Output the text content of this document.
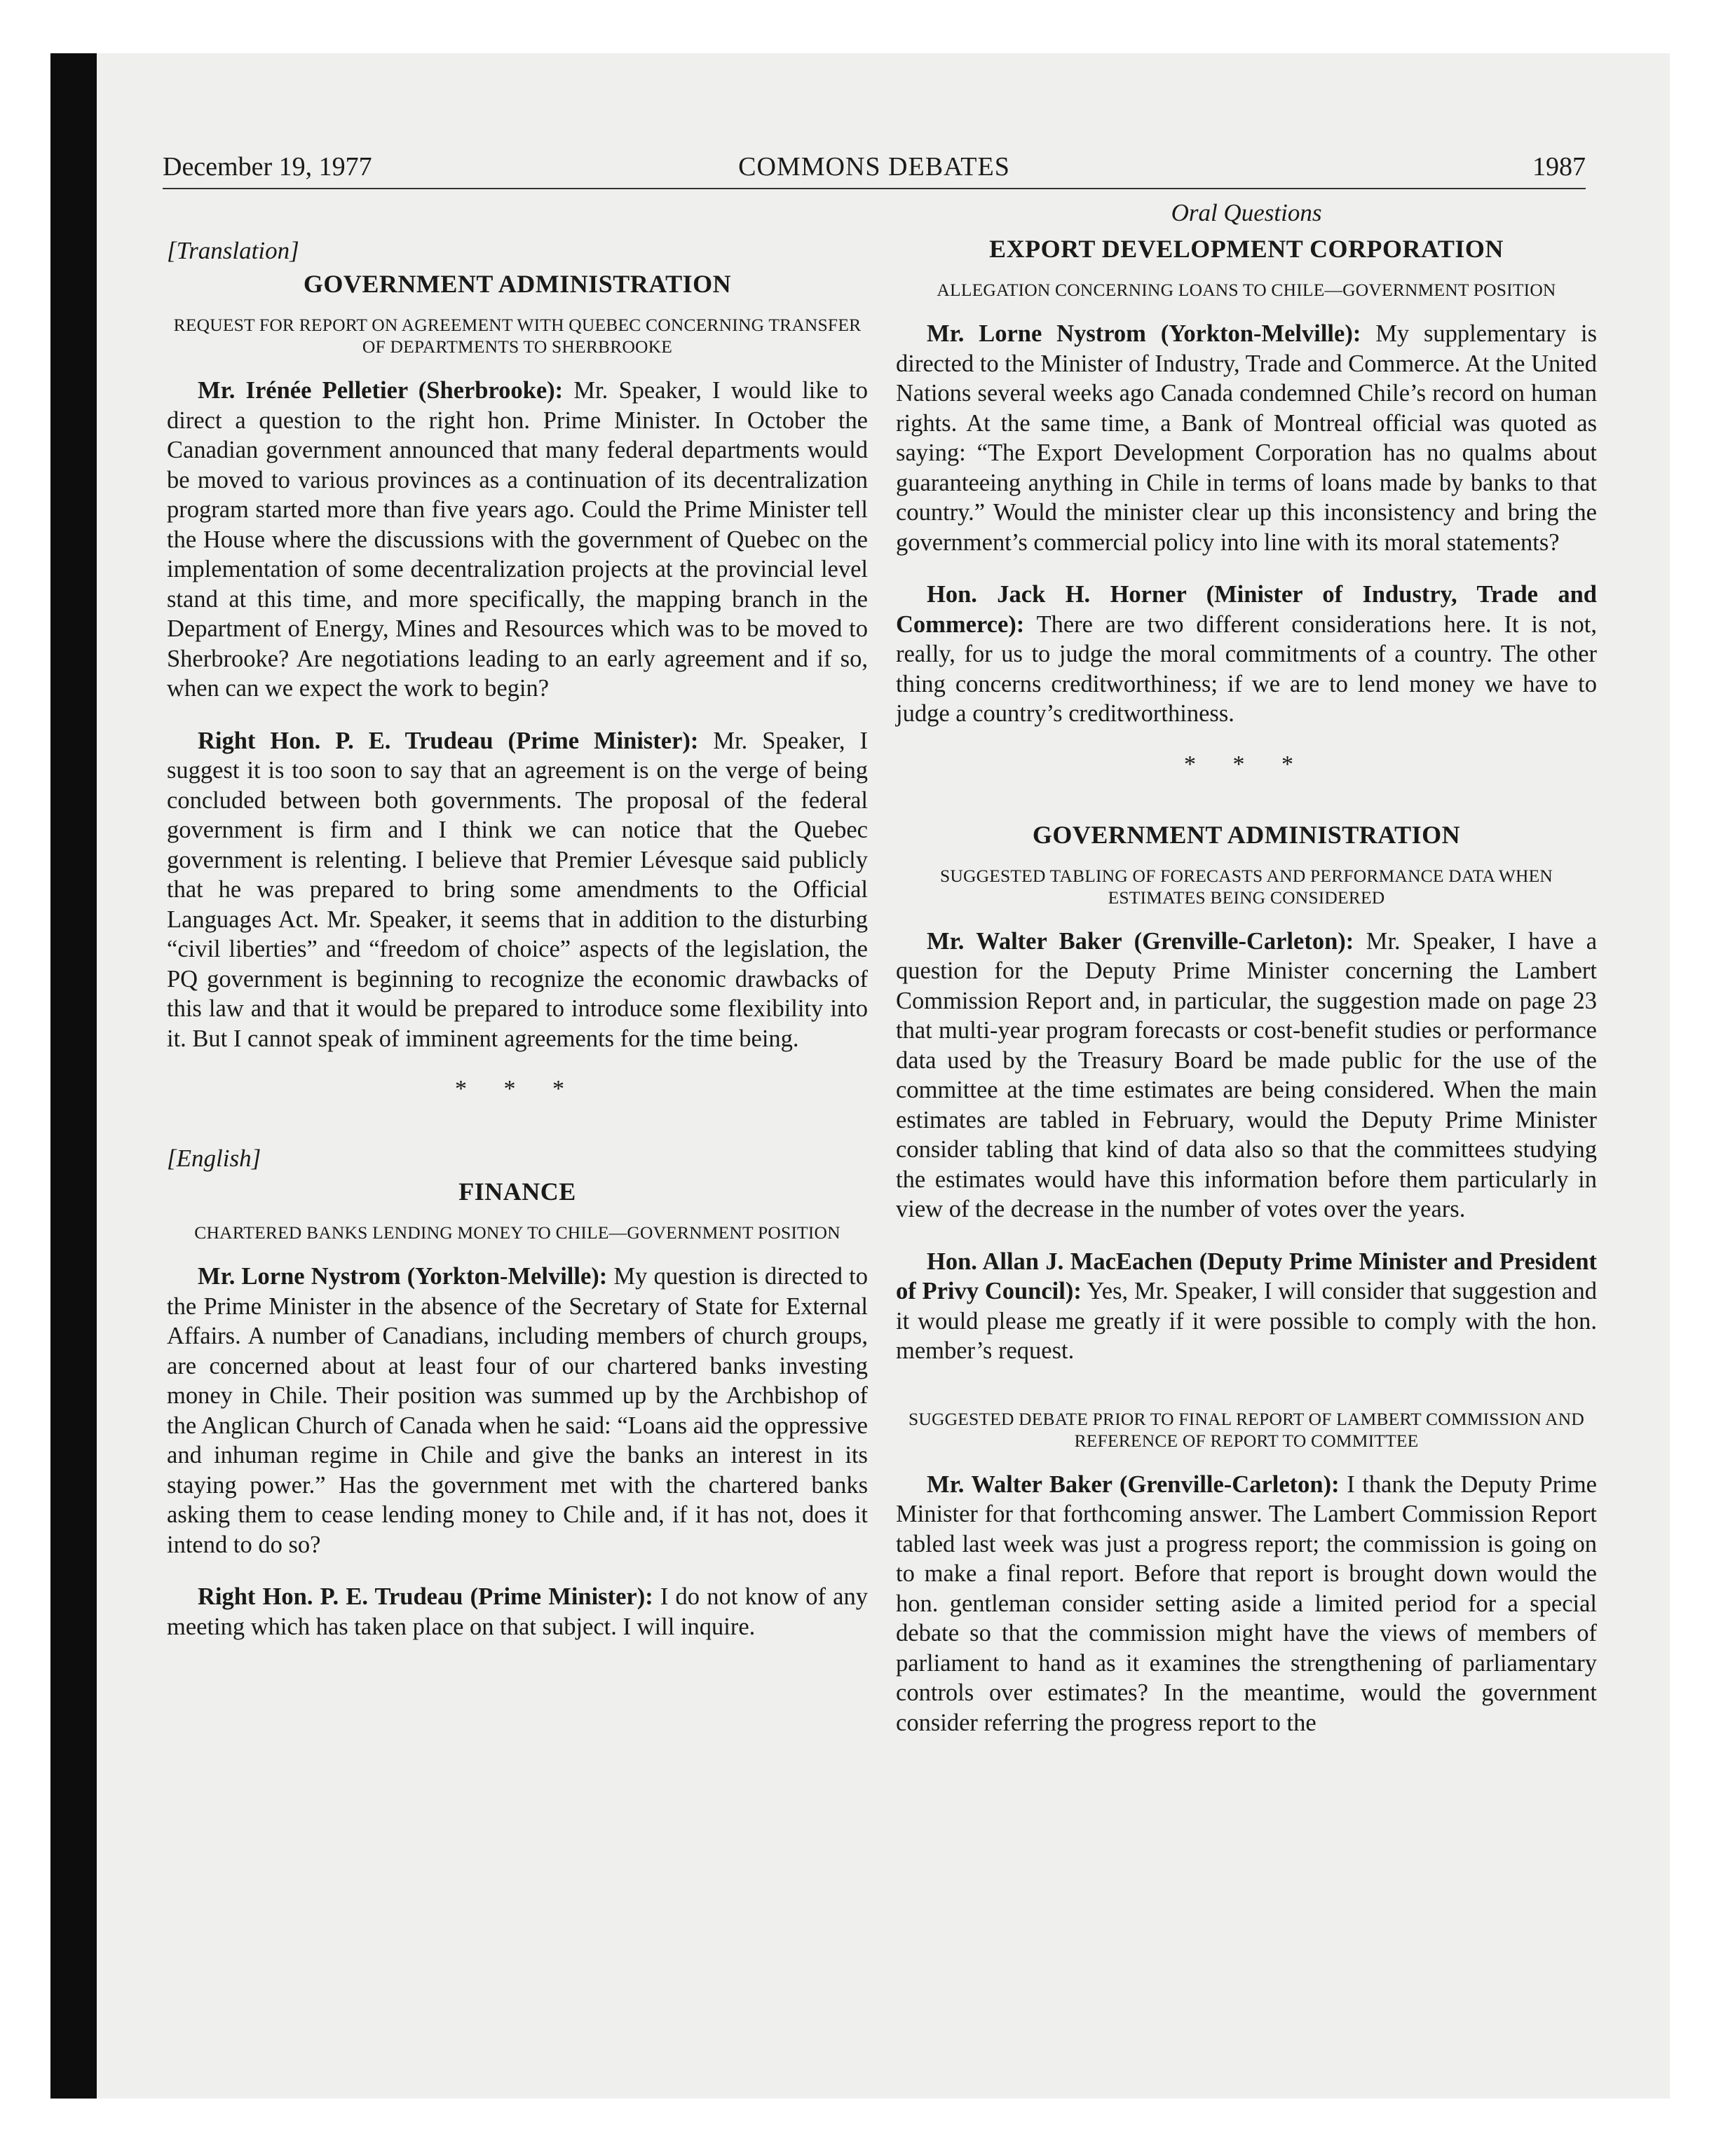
December 19, 1977	COMMONS DEBATES	1987
[Translation]
GOVERNMENT ADMINISTRATION
REQUEST FOR REPORT ON AGREEMENT WITH QUEBEC CONCERNING TRANSFER OF DEPARTMENTS TO SHERBROOKE

Mr. Irénée Pelletier (Sherbrooke): Mr. Speaker, I would like to direct a question to the right hon. Prime Minister. In October the Canadian government announced that many federal departments would be moved to various provinces as a continuation of its decentralization program started more than five years ago. Could the Prime Minister tell the House where the discussions with the government of Quebec on the implementation of some decentralization projects at the provincial level stand at this time, and more specifically, the mapping branch in the Department of Energy, Mines and Resources which was to be moved to Sherbrooke? Are negotiations leading to an early agreement and if so, when can we expect the work to begin?

Right Hon. P. E. Trudeau (Prime Minister): Mr. Speaker, I suggest it is too soon to say that an agreement is on the verge of being concluded between both governments. The proposal of the federal government is firm and I think we can notice that the Quebec government is relenting. I believe that Premier Lévesque said publicly that he was prepared to bring some amendments to the Official Languages Act. Mr. Speaker, it seems that in addition to the disturbing “civil liberties” and “freedom of choice” aspects of the legislation, the PQ government is beginning to recognize the economic drawbacks of this law and that it would be prepared to introduce some flexibility into it. But I cannot speak of imminent agreements for the time being.

* * *
[English]
FINANCE
CHARTERED BANKS LENDING MONEY TO CHILE—GOVERNMENT POSITION

Mr. Lorne Nystrom (Yorkton-Melville): My question is directed to the Prime Minister in the absence of the Secretary of State for External Affairs. A number of Canadians, including members of church groups, are concerned about at least four of our chartered banks investing money in Chile. Their position was summed up by the Archbishop of the Anglican Church of Canada when he said: “Loans aid the oppressive and inhuman regime in Chile and give the banks an interest in its staying power.” Has the government met with the chartered banks asking them to cease lending money to Chile and, if it has not, does it intend to do so?

Right Hon. P. E. Trudeau (Prime Minister): I do not know of any meeting which has taken place on that subject. I will inquire.

Oral Questions
EXPORT DEVELOPMENT CORPORATION
ALLEGATION CONCERNING LOANS TO CHILE—GOVERNMENT POSITION

Mr. Lorne Nystrom (Yorkton-Melville): My supplementary is directed to the Minister of Industry, Trade and Commerce. At the United Nations several weeks ago Canada condemned Chile’s record on human rights. At the same time, a Bank of Montreal official was quoted as saying: “The Export Development Corporation has no qualms about guaranteeing anything in Chile in terms of loans made by banks to that country.” Would the minister clear up this inconsistency and bring the government’s commercial policy into line with its moral statements?

Hon. Jack H. Horner (Minister of Industry, Trade and Commerce): There are two different considerations here. It is not, really, for us to judge the moral commitments of a country. The other thing concerns creditworthiness; if we are to lend money we have to judge a country’s creditworthiness.

* * *
GOVERNMENT ADMINISTRATION
SUGGESTED TABLING OF FORECASTS AND PERFORMANCE DATA WHEN ESTIMATES BEING CONSIDERED

Mr. Walter Baker (Grenville-Carleton): Mr. Speaker, I have a question for the Deputy Prime Minister concerning the Lambert Commission Report and, in particular, the suggestion made on page 23 that multi-year program forecasts or cost-benefit studies or performance data used by the Treasury Board be made public for the use of the committee at the time estimates are being considered. When the main estimates are tabled in February, would the Deputy Prime Minister consider tabling that kind of data also so that the committees studying the estimates would have this information before them particularly in view of the decrease in the number of votes over the years.

Hon. Allan J. MacEachen (Deputy Prime Minister and President of Privy Council): Yes, Mr. Speaker, I will consider that suggestion and it would please me greatly if it were possible to comply with the hon. member’s request.

SUGGESTED DEBATE PRIOR TO FINAL REPORT OF LAMBERT COMMISSION AND REFERENCE OF REPORT TO COMMITTEE

Mr. Walter Baker (Grenville-Carleton): I thank the Deputy Prime Minister for that forthcoming answer. The Lambert Commission Report tabled last week was just a progress report; the commission is going on to make a final report. Before that report is brought down would the hon. gentleman consider setting aside a limited period for a special debate so that the commission might have the views of members of parliament to hand as it examines the strengthening of parliamentary controls over estimates? In the meantime, would the government consider referring the progress report to the
